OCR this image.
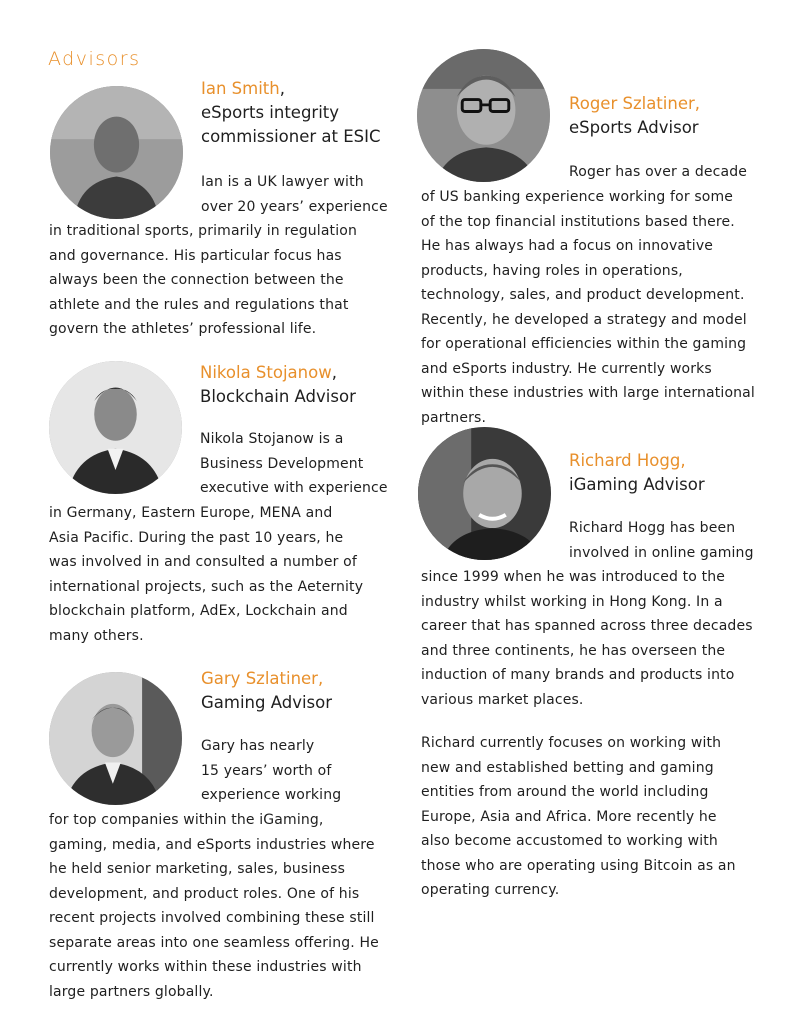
Advisors
Ian Smith,
eSports integrity
commissioner at ESIC
Ian is a UK lawyer with
over 20 years’ experience
in traditional sports, primarily in regulation
and governance. His particular focus has
always been the connection between the
athlete and the rules and regulations that
govern the athletes’ professional life.
Nikola Stojanow,
Blockchain Advisor
Nikola Stojanow is a
Business Development
executive with experience
in Germany, Eastern Europe, MENA and
Asia Pacific. During the past 10 years, he
was involved in and consulted a number of
international projects, such as the Aeternity
blockchain platform, AdEx, Lockchain and
many others.
Gary Szlatiner,
Gaming Advisor
Gary has nearly
15 years’ worth of
experience working
for top companies within the iGaming,
gaming, media, and eSports industries where
he held senior marketing, sales, business
development, and product roles. One of his
recent projects involved combining these still
separate areas into one seamless offering. He
currently works within these industries with
large partners globally.
Roger Szlatiner,
eSports Advisor
Roger has over a decade
of US banking experience working for some
of the top financial institutions based there.
He has always had a focus on innovative
products, having roles in operations,
technology, sales, and product development.
Recently, he developed a strategy and model
for operational efficiencies within the gaming
and eSports industry. He currently works
within these industries with large international
partners.
Richard Hogg,
iGaming Advisor
Richard Hogg has been
involved in online gaming
since 1999 when he was introduced to the
industry whilst working in Hong Kong. In a
career that has spanned across three decades
and three continents, he has overseen the
induction of many brands and products into
various market places.
Richard currently focuses on working with
new and established betting and gaming
entities from around the world including
Europe, Asia and Africa. More recently he
also become accustomed to working with
those who are operating using Bitcoin as an
operating currency.
